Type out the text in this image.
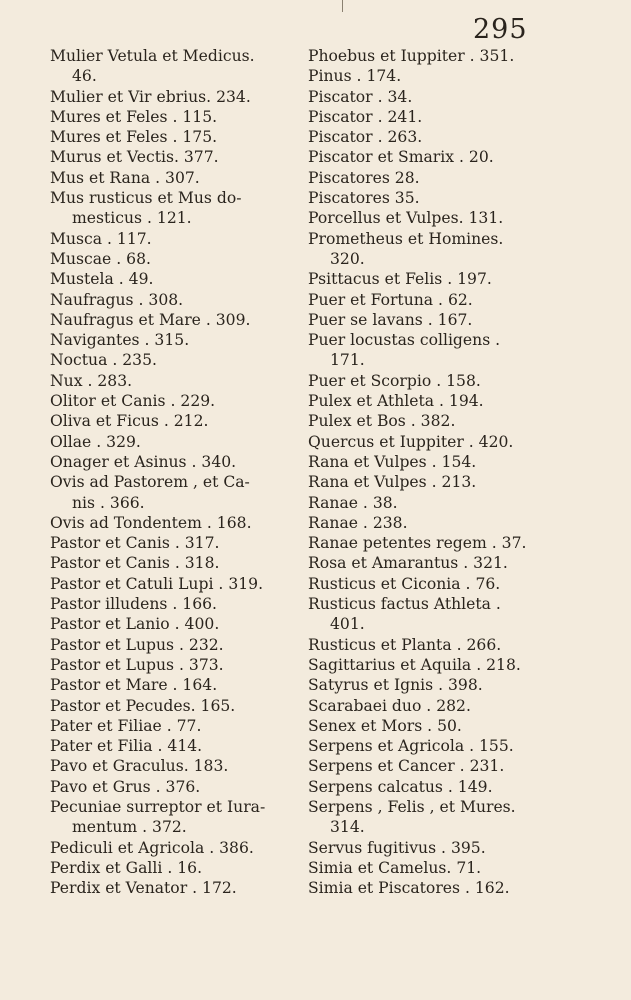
295
Mulier Vetula et Medicus.
46.
Mulier et Vir ebrius. 234.
Mures et Feles . 115.
Mures et Feles . 175.
Murus et Vectis. 377.
Mus et Rana . 307.
Mus rusticus et Mus do-
mesticus . 121.
Musca . 117.
Muscae . 68.
Mustela . 49.
Naufragus . 308.
Naufragus et Mare . 309.
Navigantes . 315.
Noctua . 235.
Nux . 283.
Olitor et Canis . 229.
Oliva et Ficus . 212.
Ollae . 329.
Onager et Asinus . 340.
Ovis ad Pastorem , et Ca-
nis . 366.
Ovis ad Tondentem . 168.
Pastor et Canis . 317.
Pastor et Canis . 318.
Pastor et Catuli Lupi . 319.
Pastor illudens . 166.
Pastor et Lanio . 400.
Pastor et Lupus . 232.
Pastor et Lupus . 373.
Pastor et Mare . 164.
Pastor et Pecudes. 165.
Pater et Filiae . 77.
Pater et Filia . 414.
Pavo et Graculus. 183.
Pavo et Grus . 376.
Pecuniae surreptor et Iura-
mentum . 372.
Pediculi et Agricola . 386.
Perdix et Galli . 16.
Perdix et Venator . 172.
Phoebus et Iuppiter . 351.
Pinus . 174.
Piscator . 34.
Piscator . 241.
Piscator . 263.
Piscator et Smarix . 20.
Piscatores 28.
Piscatores 35.
Porcellus et Vulpes. 131.
Prometheus et Homines.
320.
Psittacus et Felis . 197.
Puer et Fortuna . 62.
Puer se lavans . 167.
Puer locustas colligens .
171.
Puer et Scorpio . 158.
Pulex et Athleta . 194.
Pulex et Bos . 382.
Quercus et Iuppiter . 420.
Rana et Vulpes . 154.
Rana et Vulpes . 213.
Ranae . 38.
Ranae . 238.
Ranae petentes regem . 37.
Rosa et Amarantus . 321.
Rusticus et Ciconia . 76.
Rusticus factus Athleta .
401.
Rusticus et Planta . 266.
Sagittarius et Aquila . 218.
Satyrus et Ignis . 398.
Scarabaei duo . 282.
Senex et Mors . 50.
Serpens et Agricola . 155.
Serpens et Cancer . 231.
Serpens calcatus . 149.
Serpens , Felis , et Mures.
314.
Servus fugitivus . 395.
Simia et Camelus. 71.
Simia et Piscatores . 162.
